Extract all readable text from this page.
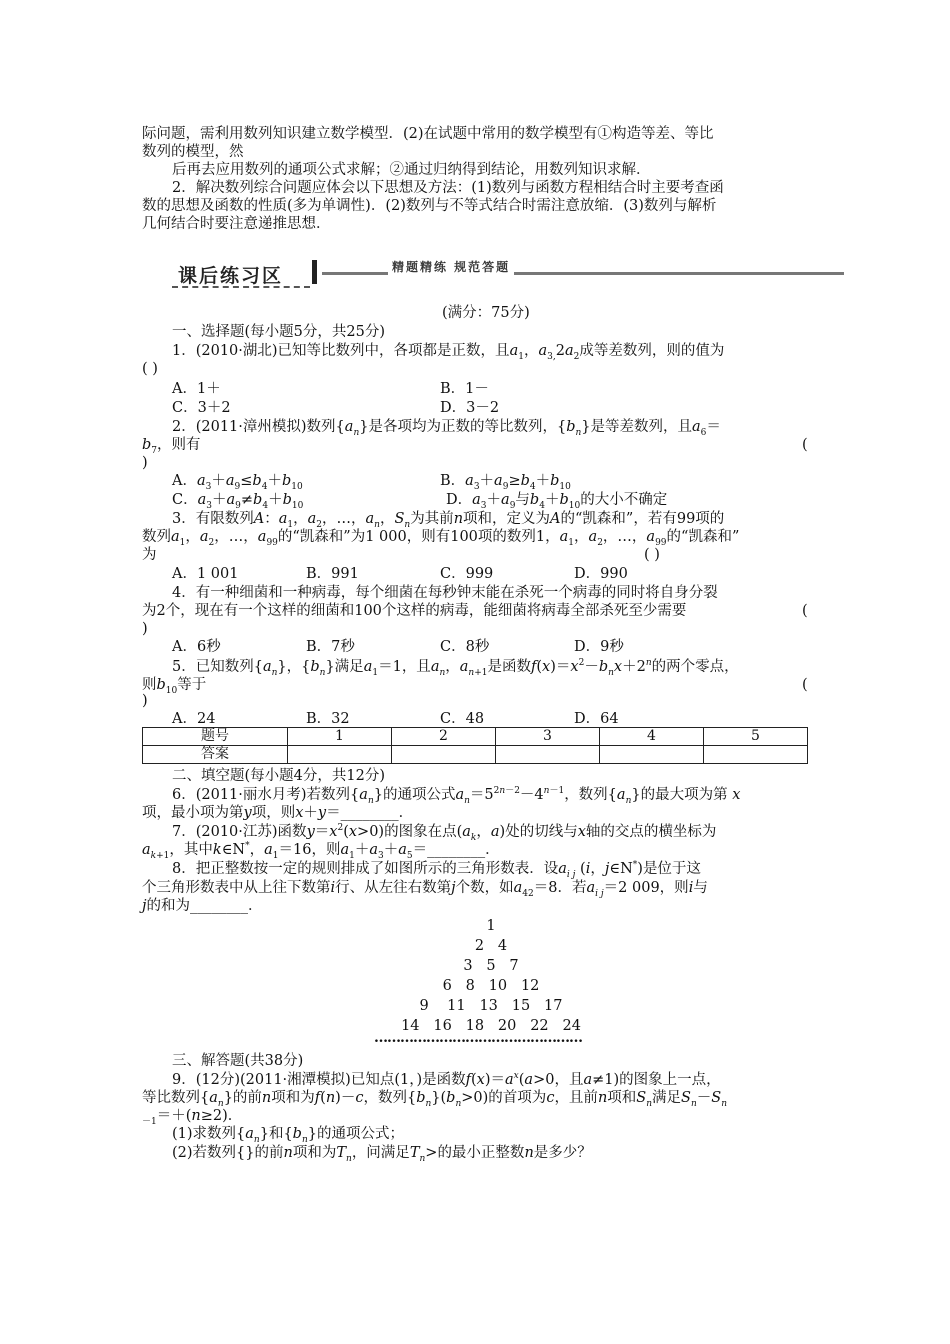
际问题，需利用数列知识建立数学模型．(2)在试题中常用的数学模型有①构造等差、等比
数列的模型，然
后再去应用数列的通项公式求解；②通过归纳得到结论，用数列知识求解．
2．解决数列综合问题应体会以下思想及方法：(1)数列与函数方程相结合时主要考查函
数的思想及函数的性质(多为单调性)．(2)数列与不等式结合时需注意放缩．(3)数列与解析
几何结合时要注意递推思想．
课后练习区	精题精练 规范答题
(满分：75分)
一、选择题(每小题5分，共25分)
1．(2010·湖北)已知等比数列中，各项都是正数，且$a_1$，$a_{3,}2a_2$成等差数列，则的值为
( )
A．1＋	B．1－
C．3＋2	D．3－2
2．(2011·漳州模拟)数列$\{a_n\}$是各项均为正数的等比数列，$\{b_n\}$是等差数列，且$a_6=$
$b_7$，则有	(
)
A．$a_3+a_9\le b_4+b_{10}$	B．$a_3+a_9\ge b_4+b_{10}$
C．$a_3+a_9\ne b_4+b_{10}$	D．$a_3+a_9$与$b_4+b_{10}$的大小不确定
3．有限数列A：$a_1$，$a_2$，…，$a_n$，$S_n$为其前n项和，定义为A的“凯森和”，若有99项的
数列$a_1$，$a_2$，…，$a_{99}$的“凯森和”为1 000，则有100项的数列1，$a_1$，$a_2$，…，$a_{99}$的“凯森和”
为	( )
A．1 001	B．991	C．999	D．990
4．有一种细菌和一种病毒，每个细菌在每秒钟末能在杀死一个病毒的同时将自身分裂
为2个，现在有一个这样的细菌和100个这样的病毒，能细菌将病毒全部杀死至少需要	(
)
A．6秒	B．7秒	C．8秒	D．9秒
5．已知数列$\{a_n\}$，$\{b_n\}$满足$a_1=1$，且$a_n$，$a_{n+1}$是函数$f(x)=x^2-b_nx+2^n$的两个零点，
则$b_{10}$等于	(
)
A．24	B．32	C．48	D．64
题号	1	2	3	4	5
答案					
二、填空题(每小题4分，共12分)
6．(2011·丽水月考)若数列$\{a_n\}$的通项公式$a_n=5^{2n-2}-4^{n-1}$，数列$\{a_n\}$的最大项为第 x
项，最小项为第y项，则x＋y＝________．
7．(2010·江苏)函数$y=x^2(x>0)$的图象在点($a_k$，a)处的切线与x轴的交点的横坐标为
$a_{k+1}$，其中k∈N*，$a_1=16$，则$a_1+a_3+a_5=\_\_\_\_\_\_\_\_$．
8．把正整数按一定的规则排成了如图所示的三角形数表．设$a_{i j}$ (i，j∈N*)是位于这
个三角形数表中从上往下数第i行、从左往右数第j个数，如$a_{42}=8$．若$a_{i j}=2$ 009，则i与
j的和为________．
1
2   4
3   5   7
6   8   10   12
9    11   13   15   17
14   16   18   20   22   24
…………………………………………
三、解答题(共38分)
9．(12分)(2011·湘潭模拟)已知点(1，)是函数$f(x)=a^x(a>0$，且a≠1)的图象上一点，
等比数列$\{a_n\}$的前n项和为f(n)－c，数列$\{b_n\}(b_n>0)$的首项为c，且前n项和$S_n$满足$S_n-S_n$
$_{-1}$＝＋(n≥2)．
(1)求数列$\{a_n\}$和$\{b_n\}$的通项公式；
(2)若数列{}的前n项和为$T_n$，问满足$T_n>$的最小正整数n是多少？
